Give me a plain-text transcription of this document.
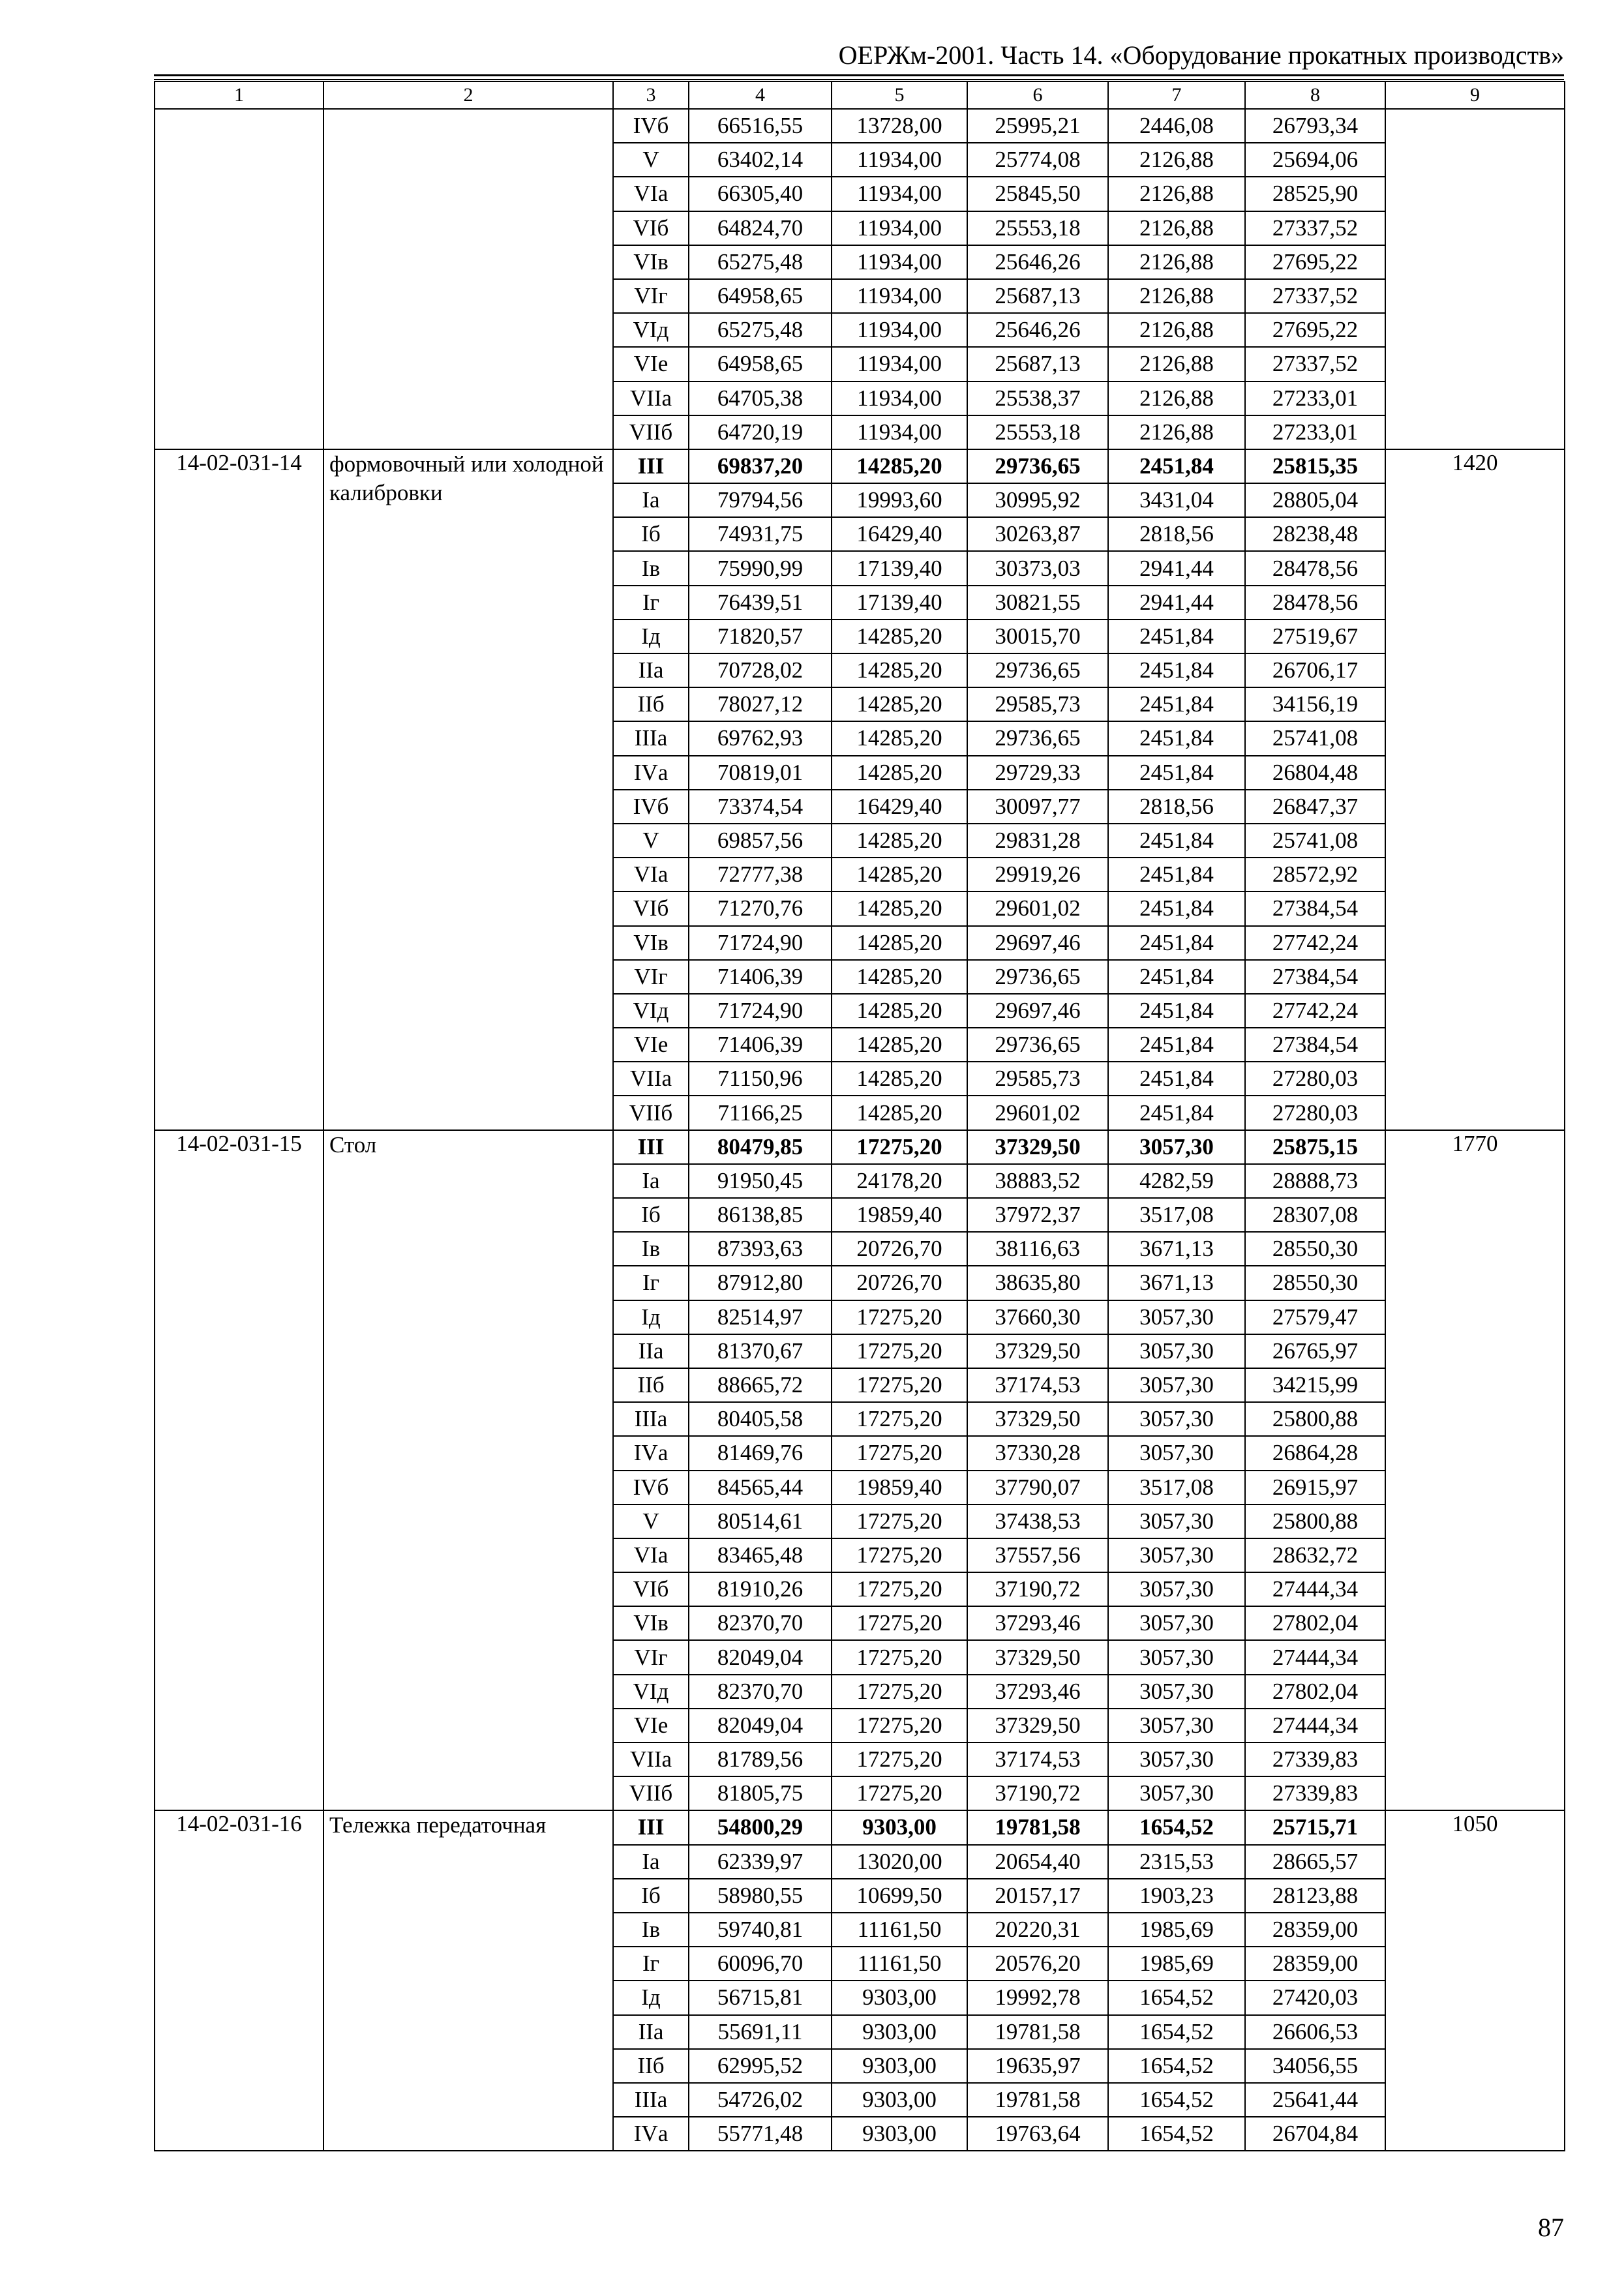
ОЕРЖм-2001. Часть 14. «Оборудование прокатных производств»
1	2	3	4	5	6	7	8	9
		IVб	66516,55	13728,00	25995,21	2446,08	26793,34	
		V	63402,14	11934,00	25774,08	2126,88	25694,06	
		VIа	66305,40	11934,00	25845,50	2126,88	28525,90	
		VIб	64824,70	11934,00	25553,18	2126,88	27337,52	
		VIв	65275,48	11934,00	25646,26	2126,88	27695,22	
		VIг	64958,65	11934,00	25687,13	2126,88	27337,52	
		VIд	65275,48	11934,00	25646,26	2126,88	27695,22	
		VIе	64958,65	11934,00	25687,13	2126,88	27337,52	
		VIIа	64705,38	11934,00	25538,37	2126,88	27233,01	
		VIIб	64720,19	11934,00	25553,18	2126,88	27233,01	
14-02-031-14	формовочный или холодной калибровки	III	69837,20	14285,20	29736,65	2451,84	25815,35	1420
		Iа	79794,56	19993,60	30995,92	3431,04	28805,04	
		Iб	74931,75	16429,40	30263,87	2818,56	28238,48	
		Iв	75990,99	17139,40	30373,03	2941,44	28478,56	
		Iг	76439,51	17139,40	30821,55	2941,44	28478,56	
		Iд	71820,57	14285,20	30015,70	2451,84	27519,67	
		IIа	70728,02	14285,20	29736,65	2451,84	26706,17	
		IIб	78027,12	14285,20	29585,73	2451,84	34156,19	
		IIIа	69762,93	14285,20	29736,65	2451,84	25741,08	
		IVа	70819,01	14285,20	29729,33	2451,84	26804,48	
		IVб	73374,54	16429,40	30097,77	2818,56	26847,37	
		V	69857,56	14285,20	29831,28	2451,84	25741,08	
		VIа	72777,38	14285,20	29919,26	2451,84	28572,92	
		VIб	71270,76	14285,20	29601,02	2451,84	27384,54	
		VIв	71724,90	14285,20	29697,46	2451,84	27742,24	
		VIг	71406,39	14285,20	29736,65	2451,84	27384,54	
		VIд	71724,90	14285,20	29697,46	2451,84	27742,24	
		VIе	71406,39	14285,20	29736,65	2451,84	27384,54	
		VIIа	71150,96	14285,20	29585,73	2451,84	27280,03	
		VIIб	71166,25	14285,20	29601,02	2451,84	27280,03	
14-02-031-15	Стол	III	80479,85	17275,20	37329,50	3057,30	25875,15	1770
		Iа	91950,45	24178,20	38883,52	4282,59	28888,73	
		Iб	86138,85	19859,40	37972,37	3517,08	28307,08	
		Iв	87393,63	20726,70	38116,63	3671,13	28550,30	
		Iг	87912,80	20726,70	38635,80	3671,13	28550,30	
		Iд	82514,97	17275,20	37660,30	3057,30	27579,47	
		IIа	81370,67	17275,20	37329,50	3057,30	26765,97	
		IIб	88665,72	17275,20	37174,53	3057,30	34215,99	
		IIIа	80405,58	17275,20	37329,50	3057,30	25800,88	
		IVа	81469,76	17275,20	37330,28	3057,30	26864,28	
		IVб	84565,44	19859,40	37790,07	3517,08	26915,97	
		V	80514,61	17275,20	37438,53	3057,30	25800,88	
		VIа	83465,48	17275,20	37557,56	3057,30	28632,72	
		VIб	81910,26	17275,20	37190,72	3057,30	27444,34	
		VIв	82370,70	17275,20	37293,46	3057,30	27802,04	
		VIг	82049,04	17275,20	37329,50	3057,30	27444,34	
		VIд	82370,70	17275,20	37293,46	3057,30	27802,04	
		VIе	82049,04	17275,20	37329,50	3057,30	27444,34	
		VIIа	81789,56	17275,20	37174,53	3057,30	27339,83	
		VIIб	81805,75	17275,20	37190,72	3057,30	27339,83	
14-02-031-16	Тележка передаточная	III	54800,29	9303,00	19781,58	1654,52	25715,71	1050
		Iа	62339,97	13020,00	20654,40	2315,53	28665,57	
		Iб	58980,55	10699,50	20157,17	1903,23	28123,88	
		Iв	59740,81	11161,50	20220,31	1985,69	28359,00	
		Iг	60096,70	11161,50	20576,20	1985,69	28359,00	
		Iд	56715,81	9303,00	19992,78	1654,52	27420,03	
		IIа	55691,11	9303,00	19781,58	1654,52	26606,53	
		IIб	62995,52	9303,00	19635,97	1654,52	34056,55	
		IIIа	54726,02	9303,00	19781,58	1654,52	25641,44	
		IVа	55771,48	9303,00	19763,64	1654,52	26704,84	
87
